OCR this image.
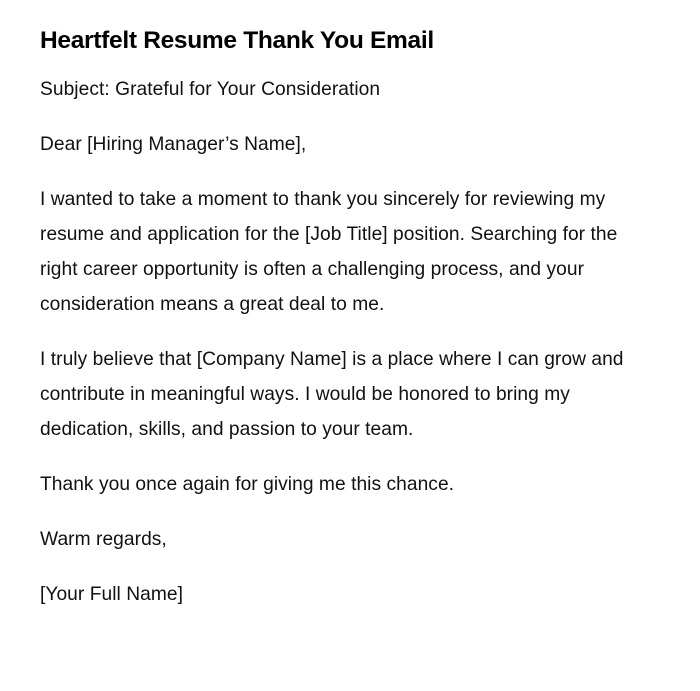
Heartfelt Resume Thank You Email

Subject: Grateful for Your Consideration

Dear [Hiring Manager’s Name],

I wanted to take a moment to thank you sincerely for reviewing my resume and application for the [Job Title] position. Searching for the right career opportunity is often a challenging process, and your consideration means a great deal to me.

I truly believe that [Company Name] is a place where I can grow and contribute in meaningful ways. I would be honored to bring my dedication, skills, and passion to your team.

Thank you once again for giving me this chance.

Warm regards,

[Your Full Name]
